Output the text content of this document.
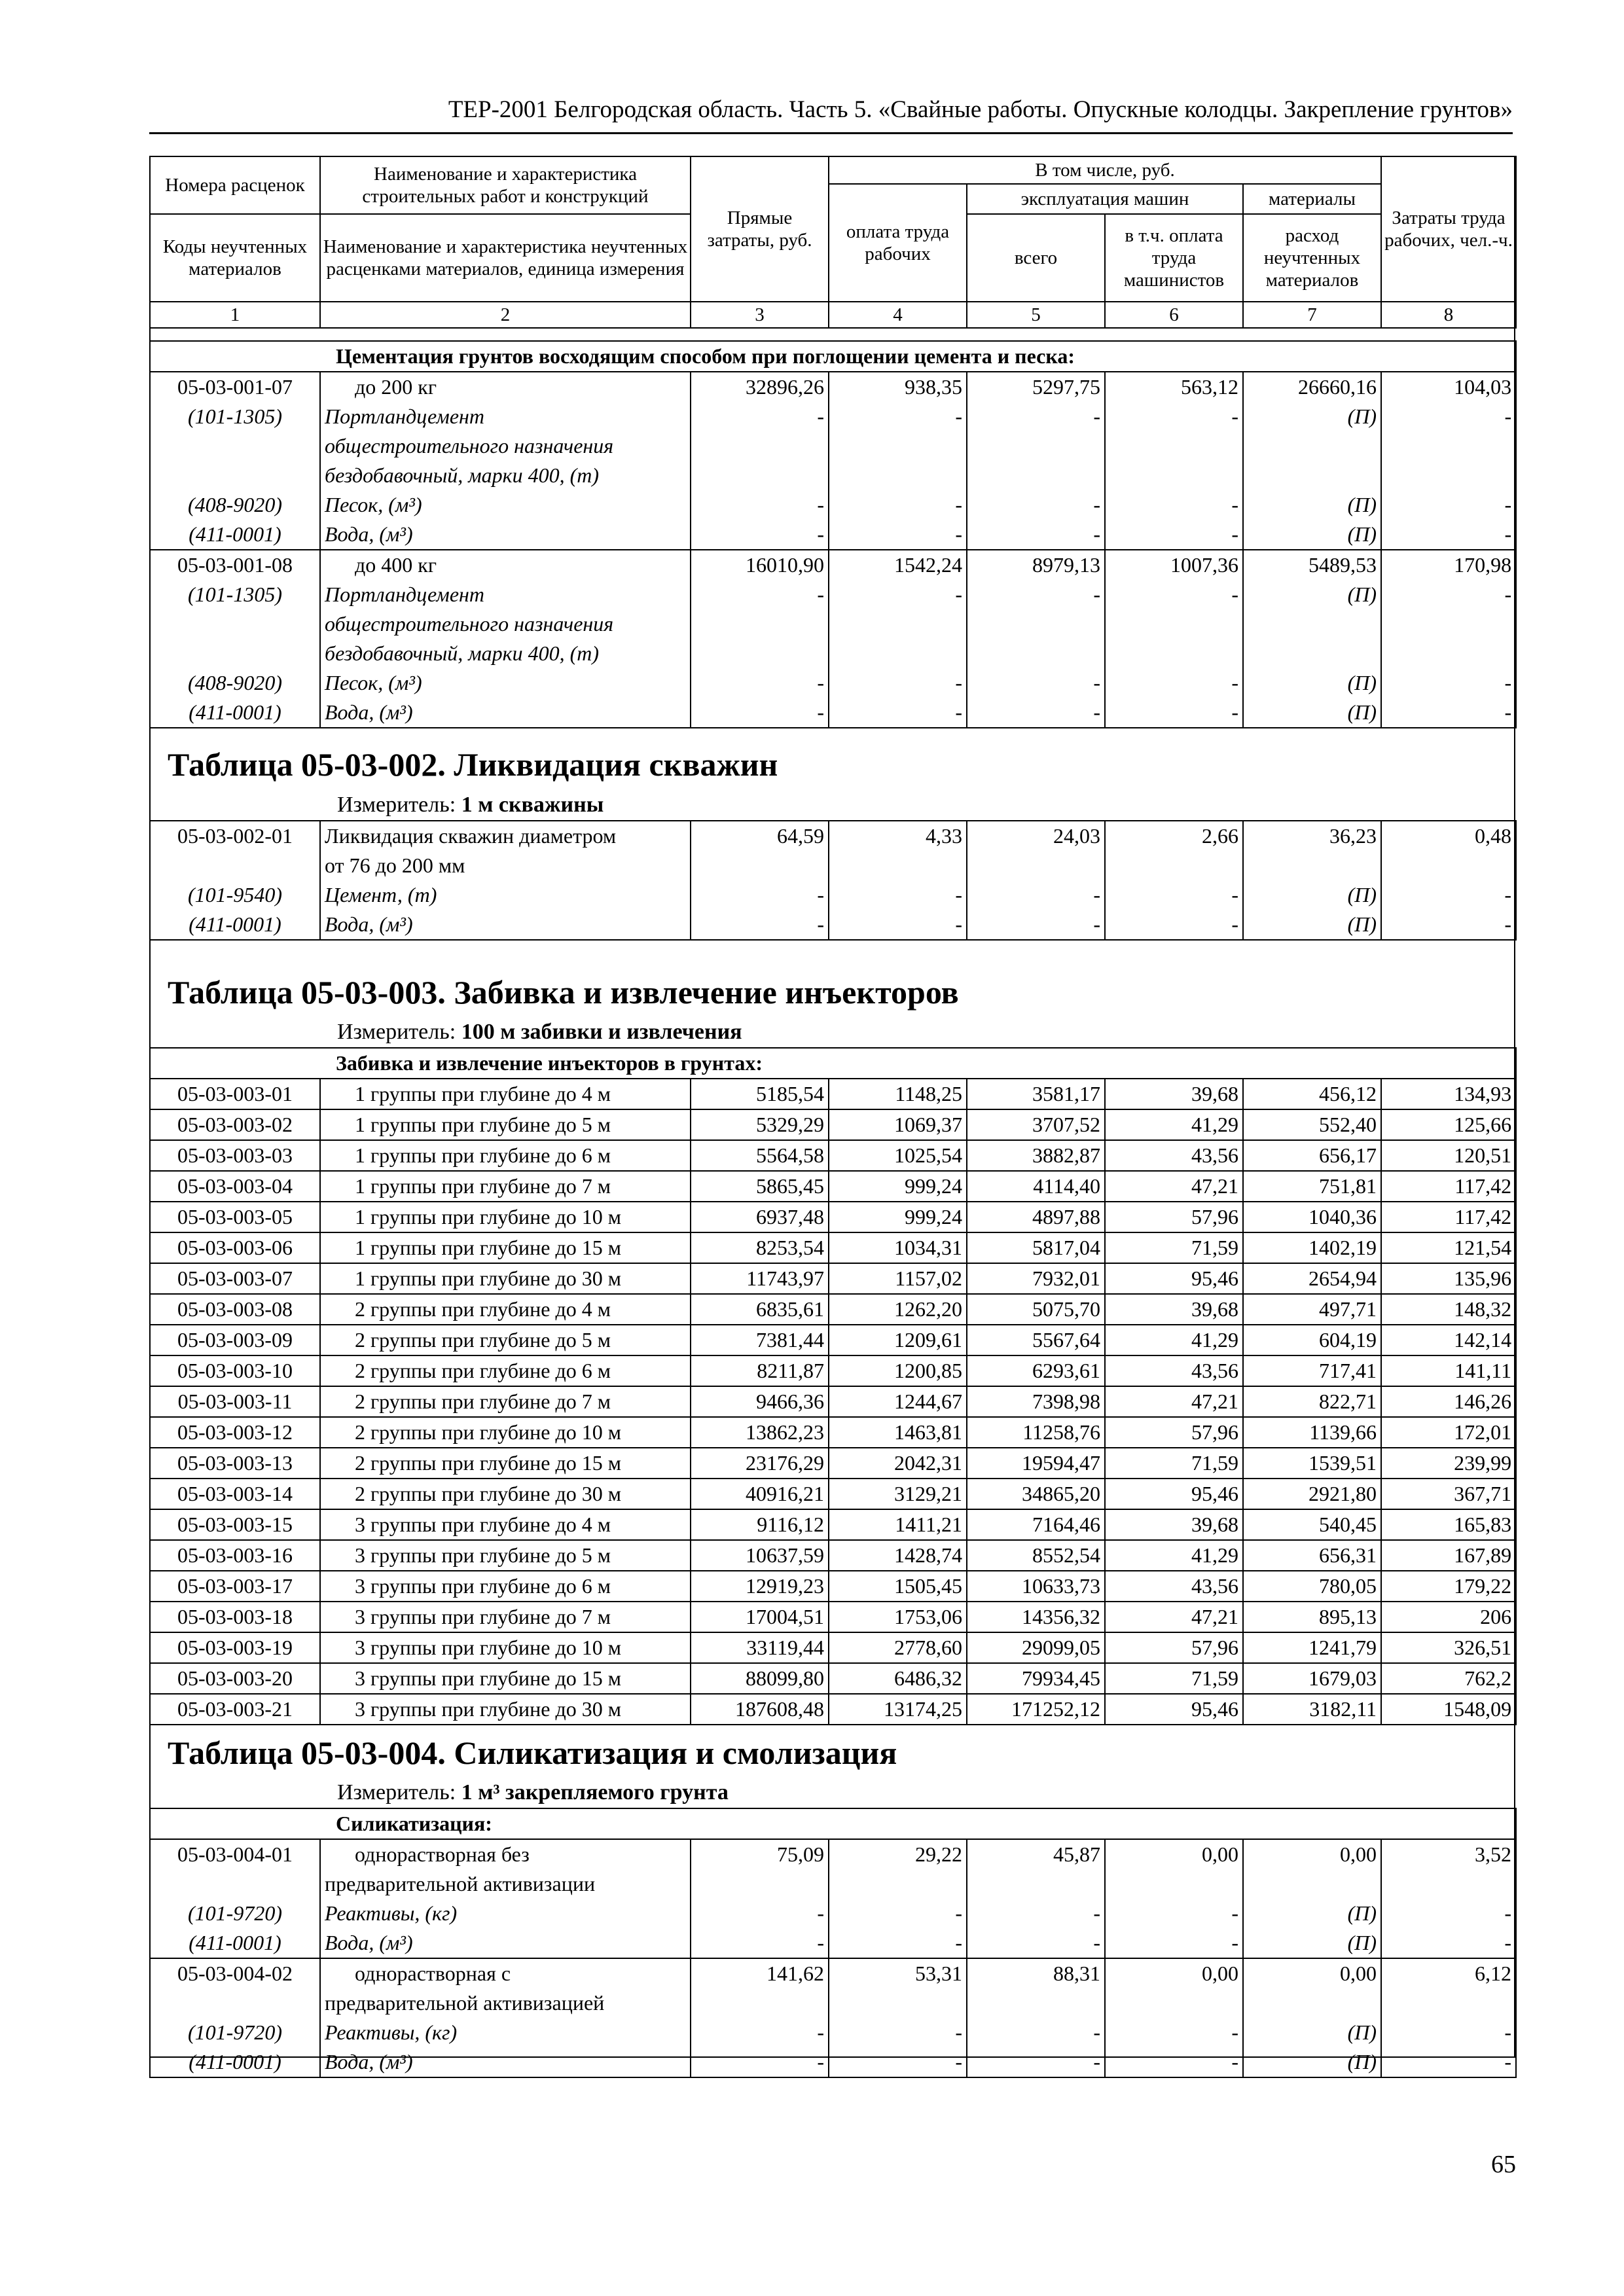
ТЕР-2001 Белгородская область. Часть 5. «Свайные работы. Опускные колодцы. Закрепление грунтов»
Номера расценок	Наименование и характеристика строительных работ и конструкций	Прямые затраты, руб.	В том числе, руб.				Затраты труда рабочих, чел.-ч.
			оплата труда рабочих	эксплуатация машин		материалы	
Коды неучтенных материалов	Наименование и характеристика неучтенных расценками материалов, единица измерения			всего	в т.ч. оплата труда машинистов	расход неучтенных материалов	

1	2	3	4	5	6	7	8
Цементация грунтов восходящим способом при поглощении цемента и песка:							
05-03-001-07	до 200 кг	32896,26	938,35	5297,75	563,12	26660,16	104,03
(101-1305)	Портландцемент	-	-	-	-	(П)	-
	общестроительного назначения						
	бездобавочный, марки 400, (т)						
(408-9020)	Песок, (м³)	-	-	-	-	(П)	-
(411-0001)	Вода, (м³)	-	-	-	-	(П)	-
05-03-001-08	до 400 кг	16010,90	1542,24	8979,13	1007,36	5489,53	170,98
(101-1305)	Портландцемент	-	-	-	-	(П)	-
	общестроительного назначения						
	бездобавочный, марки 400, (т)						
(408-9020)	Песок, (м³)	-	-	-	-	(П)	-
(411-0001)	Вода, (м³)	-	-	-	-	(П)	-
Таблица 05-03-002. Ликвидация скважин
Измеритель: 1 м скважины
05-03-002-01	Ликвидация скважин диаметром	64,59	4,33	24,03	2,66	36,23	0,48
	от 76 до 200 мм						
(101-9540)	Цемент, (т)	-	-	-	-	(П)	-
(411-0001)	Вода, (м³)	-	-	-	-	(П)	-
Таблица 05-03-003. Забивка и извлечение инъекторов
Измеритель: 100 м забивки и извлечения
Забивка и извлечение инъекторов в грунтах:							
05-03-003-01	1 группы при глубине до 4 м	5185,54	1148,25	3581,17	39,68	456,12	134,93
05-03-003-02	1 группы при глубине до 5 м	5329,29	1069,37	3707,52	41,29	552,40	125,66
05-03-003-03	1 группы при глубине до 6 м	5564,58	1025,54	3882,87	43,56	656,17	120,51
05-03-003-04	1 группы при глубине до 7 м	5865,45	999,24	4114,40	47,21	751,81	117,42
05-03-003-05	1 группы при глубине до 10 м	6937,48	999,24	4897,88	57,96	1040,36	117,42
05-03-003-06	1 группы при глубине до 15 м	8253,54	1034,31	5817,04	71,59	1402,19	121,54
05-03-003-07	1 группы при глубине до 30 м	11743,97	1157,02	7932,01	95,46	2654,94	135,96
05-03-003-08	2 группы при глубине до 4 м	6835,61	1262,20	5075,70	39,68	497,71	148,32
05-03-003-09	2 группы при глубине до 5 м	7381,44	1209,61	5567,64	41,29	604,19	142,14
05-03-003-10	2 группы при глубине до 6 м	8211,87	1200,85	6293,61	43,56	717,41	141,11
05-03-003-11	2 группы при глубине до 7 м	9466,36	1244,67	7398,98	47,21	822,71	146,26
05-03-003-12	2 группы при глубине до 10 м	13862,23	1463,81	11258,76	57,96	1139,66	172,01
05-03-003-13	2 группы при глубине до 15 м	23176,29	2042,31	19594,47	71,59	1539,51	239,99
05-03-003-14	2 группы при глубине до 30 м	40916,21	3129,21	34865,20	95,46	2921,80	367,71
05-03-003-15	3 группы при глубине до 4 м	9116,12	1411,21	7164,46	39,68	540,45	165,83
05-03-003-16	3 группы при глубине до 5 м	10637,59	1428,74	8552,54	41,29	656,31	167,89
05-03-003-17	3 группы при глубине до 6 м	12919,23	1505,45	10633,73	43,56	780,05	179,22
05-03-003-18	3 группы при глубине до 7 м	17004,51	1753,06	14356,32	47,21	895,13	206
05-03-003-19	3 группы при глубине до 10 м	33119,44	2778,60	29099,05	57,96	1241,79	326,51
05-03-003-20	3 группы при глубине до 15 м	88099,80	6486,32	79934,45	71,59	1679,03	762,2
05-03-003-21	3 группы при глубине до 30 м	187608,48	13174,25	171252,12	95,46	3182,11	1548,09
Таблица 05-03-004. Силикатизация и смолизация
Измеритель: 1 м³ закрепляемого грунта
Силикатизация:							
05-03-004-01	однорастворная без	75,09	29,22	45,87	0,00	0,00	3,52
	предварительной активизации						
(101-9720)	Реактивы, (кг)	-	-	-	-	(П)	-
(411-0001)	Вода, (м³)	-	-	-	-	(П)	-
05-03-004-02	однорастворная с	141,62	53,31	88,31	0,00	0,00	6,12
	предварительной активизацией						
(101-9720)	Реактивы, (кг)	-	-	-	-	(П)	-
(411-0001)	Вода, (м³)	-	-	-	-	(П)	-
65
